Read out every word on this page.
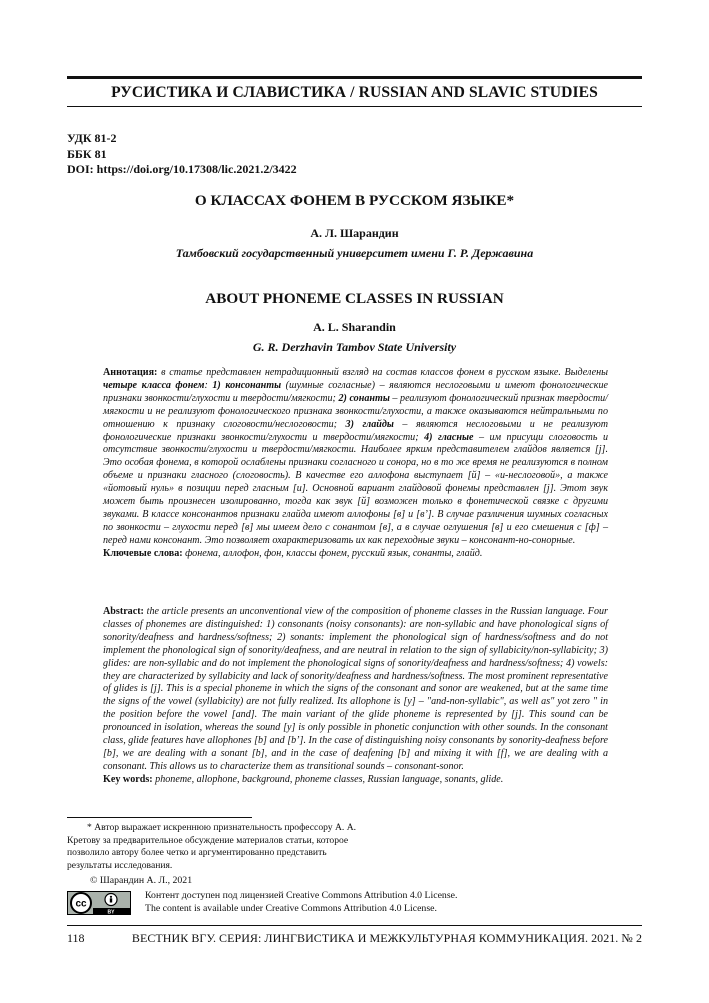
РУСИСТИКА И СЛАВИСТИКА / RUSSIAN AND SLAVIC STUDIES
УДК 81-2
ББК 81
DOI: https://doi.org/10.17308/lic.2021.2/3422
О КЛАССАХ ФОНЕМ В РУССКОМ ЯЗЫКЕ*
А. Л. Шарандин
Тамбовский государственный университет имени Г. Р. Державина
ABOUT PHONEME CLASSES IN RUSSIAN
A. L. Sharandin
G. R. Derzhavin Tambov State University

Аннотация: в статье представлен нетрадиционный взгляд на состав классов фонем в русском языке. Выделены четыре класса фонем: 1) консонанты (шумные согласные) – являются неслоговыми и имеют фонологические признаки звонкости/глухости и твердости/мягкости; 2) сонанты – реализуют фонологический признак твердости/мягкости и не реализуют фонологического признака звонкости/глухости, а также оказываются нейтральными по отношению к признаку слоговости/неслоговости; 3) глайды – являются неслоговыми и не реализуют фонологические признаки звонкости/глухости и твердости/мягкости; 4) гласные – им присущи слоговость и отсутствие звонкости/глухости и твердости/мягкости. Наиболее ярким представителем глайдов является [j]. Это особая фонема, в которой ослаблены признаки согласного и сонора, но в то же время не реализуются в полном объеме и признаки гласного (слоговость). В качестве его аллофона выступает [й] – «и-неслоговой», а также «йотовый нуль» в позиции перед гласным [и]. Основной вариант глайдовой фонемы представлен [j]. Этот звук может быть произнесен изолированно, тогда как звук [й] возможен только в фонетической связке с другими звуками. В классе консонантов признаки глайда имеют аллофоны [в] и [в’]. В случае различения шумных согласных по звонкости – глухости перед [в] мы имеем дело с сонантом [в], а в случае оглушения [в] и его смешения с [ф] – перед нами консонант. Это позволяет охарактеризовать их как переходные звуки – консонант-но-сонорные.

Ключевые слова: фонема, аллофон, фон, классы фонем, русский язык, сонанты, глайд.

Abstract: the article presents an unconventional view of the composition of phoneme classes in the Russian language. Four classes of phonemes are distinguished: 1) consonants (noisy consonants): are non-syllabic and have phonological signs of sonority/deafness and hardness/softness; 2) sonants: implement the phonological sign of hardness/softness and do not implement the phonological sign of sonority/deafness, and are neutral in relation to the sign of syllabicity/non-syllabicity; 3) glides: are non-syllabic and do not implement the phonological signs of sonority/deafness and hardness/softness; 4) vowels: they are characterized by syllabicity and lack of sonority/deafness and hardness/softness. The most prominent representative of glides is [j]. This is a special phoneme in which the signs of the consonant and sonor are weakened, but at the same time the signs of the vowel (syllabicity) are not fully realized. Its allophone is [y] – "and-non-syllabic", as well as" yot zero " in the position before the vowel [and]. The main variant of the glide phoneme is represented by [j]. This sound can be pronounced in isolation, whereas the sound [y] is only possible in phonetic conjunction with other sounds. In the consonant class, glide features have allophones [b] and [b’]. In the case of distinguishing noisy consonants by sonority-deafness before [b], we are dealing with a sonant [b], and in the case of deafening [b] and mixing it with [f], we are dealing with a consonant. This allows us to characterize them as transitional sounds – consonant-sonor.

Key words: phoneme, allophone, background, phoneme classes, Russian language, sonants, glide.

* Автор выражает искреннюю признательность профессору А. А. Кретову за предварительное обсуждение материалов статьи, которое позволило автору более четко и аргументированно представить результаты исследования.
© Шарандин А. Л., 2021
cc
BY
Контент доступен под лицензией Creative Commons Attribution 4.0 License.
The content is available under Creative Commons Attribution 4.0 License.
118	ВЕСТНИК ВГУ. СЕРИЯ: ЛИНГВИСТИКА И МЕЖКУЛЬТУРНАЯ КОММУНИКАЦИЯ. 2021. № 2
